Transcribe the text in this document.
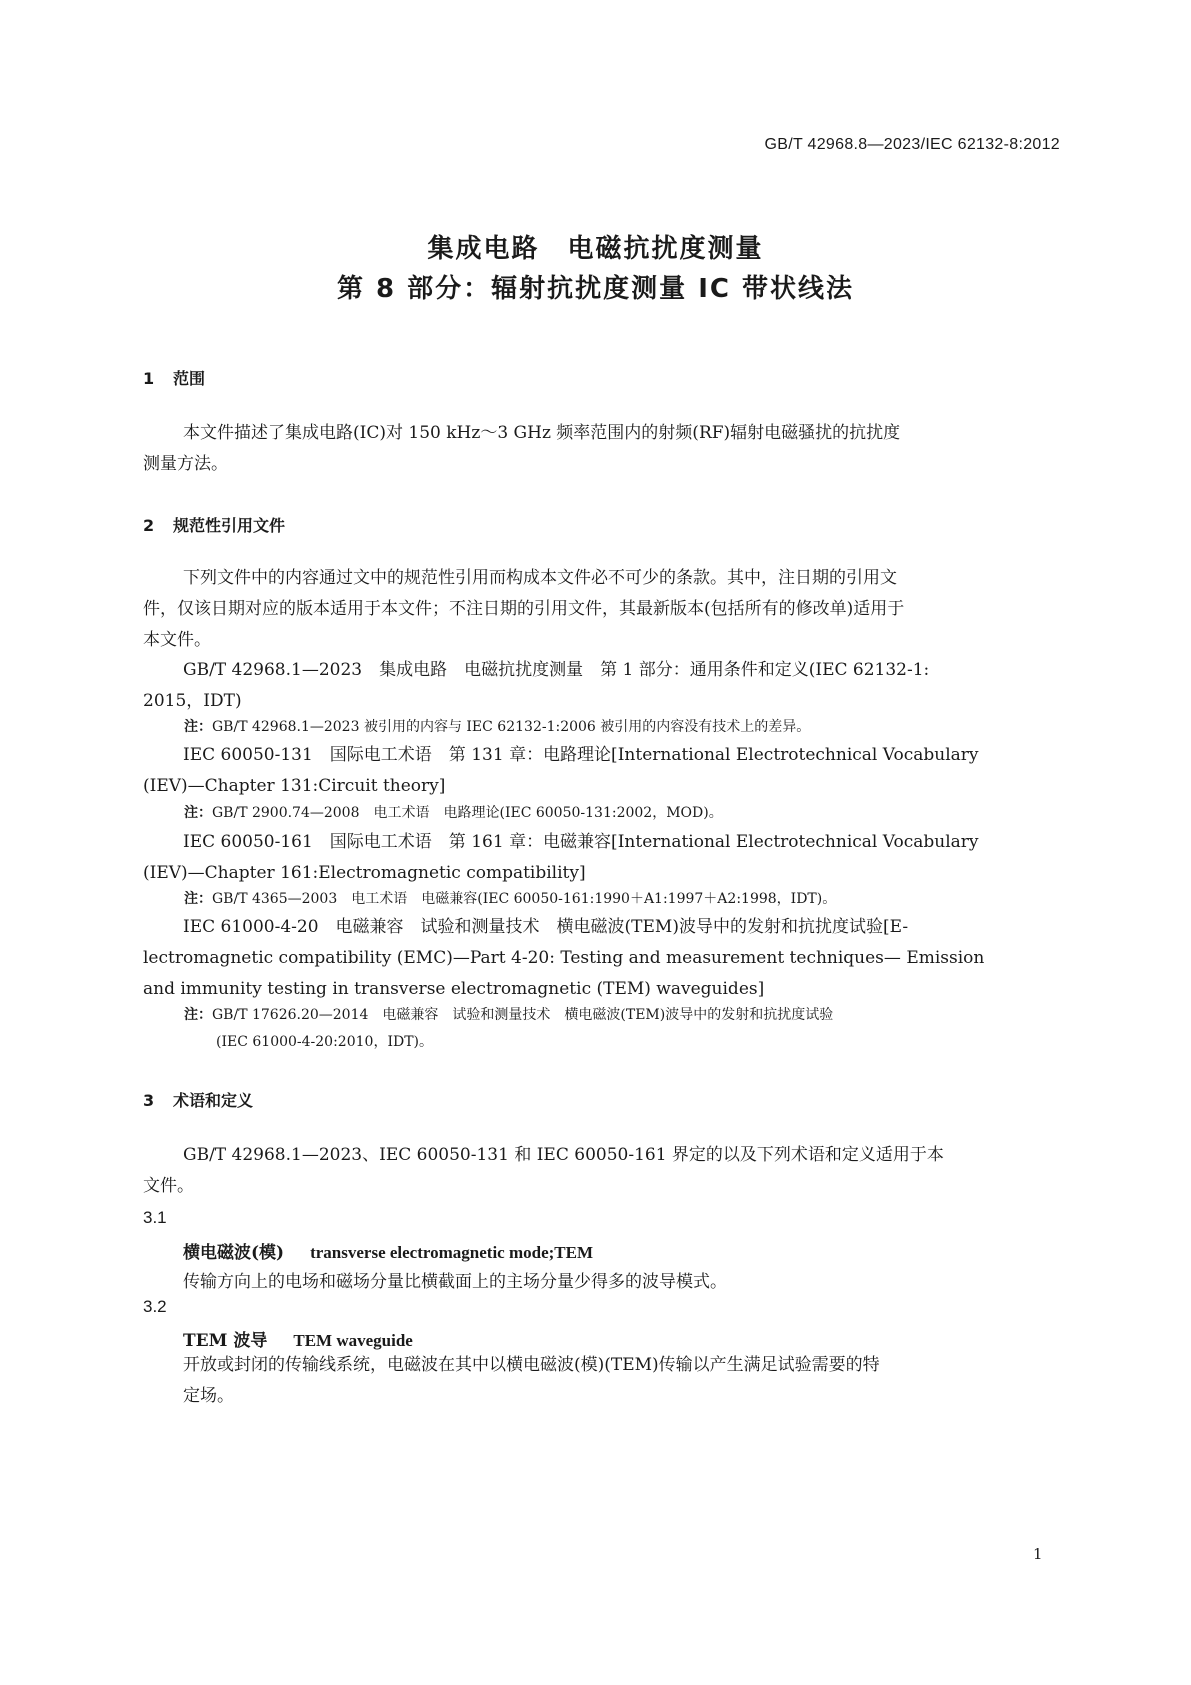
GB/T 42968.8—2023/IEC 62132-8:2012
集成电路　电磁抗扰度测量
第 8 部分：辐射抗扰度测量 IC 带状线法
1 范围
本文件描述了集成电路(IC)对 150 kHz～3 GHz 频率范围内的射频(RF)辐射电磁骚扰的抗扰度
测量方法。
2 规范性引用文件
下列文件中的内容通过文中的规范性引用而构成本文件必不可少的条款。其中，注日期的引用文
件，仅该日期对应的版本适用于本文件；不注日期的引用文件，其最新版本(包括所有的修改单)适用于
本文件。
GB/T 42968.1—2023　集成电路　电磁抗扰度测量　第 1 部分：通用条件和定义(IEC 62132-1:
2015，IDT)
注：GB/T 42968.1—2023 被引用的内容与 IEC 62132-1:2006 被引用的内容没有技术上的差异。
IEC 60050-131　国际电工术语　第 131 章：电路理论[International Electrotechnical Vocabulary
(IEV)—Chapter 131:Circuit theory]
注：GB/T 2900.74—2008　电工术语　电路理论(IEC 60050-131:2002，MOD)。
IEC 60050-161　国际电工术语　第 161 章：电磁兼容[International Electrotechnical Vocabulary
(IEV)—Chapter 161:Electromagnetic compatibility]
注：GB/T 4365—2003　电工术语　电磁兼容(IEC 60050-161:1990＋A1:1997＋A2:1998，IDT)。
IEC 61000-4-20　电磁兼容　试验和测量技术　横电磁波(TEM)波导中的发射和抗扰度试验[E-
lectromagnetic compatibility (EMC)—Part 4-20: Testing and measurement techniques— Emission
and immunity testing in transverse electromagnetic (TEM) waveguides]
注：GB/T 17626.20—2014　电磁兼容　试验和测量技术　横电磁波(TEM)波导中的发射和抗扰度试验
(IEC 61000-4-20:2010，IDT)。
3 术语和定义
GB/T 42968.1—2023、IEC 60050-131 和 IEC 60050-161 界定的以及下列术语和定义适用于本
文件。
3.1
横电磁波(模) transverse electromagnetic mode;TEM
传输方向上的电场和磁场分量比横截面上的主场分量少得多的波导模式。
3.2
TEM 波导 TEM waveguide
开放或封闭的传输线系统，电磁波在其中以横电磁波(模)(TEM)传输以产生满足试验需要的特
定场。
1
